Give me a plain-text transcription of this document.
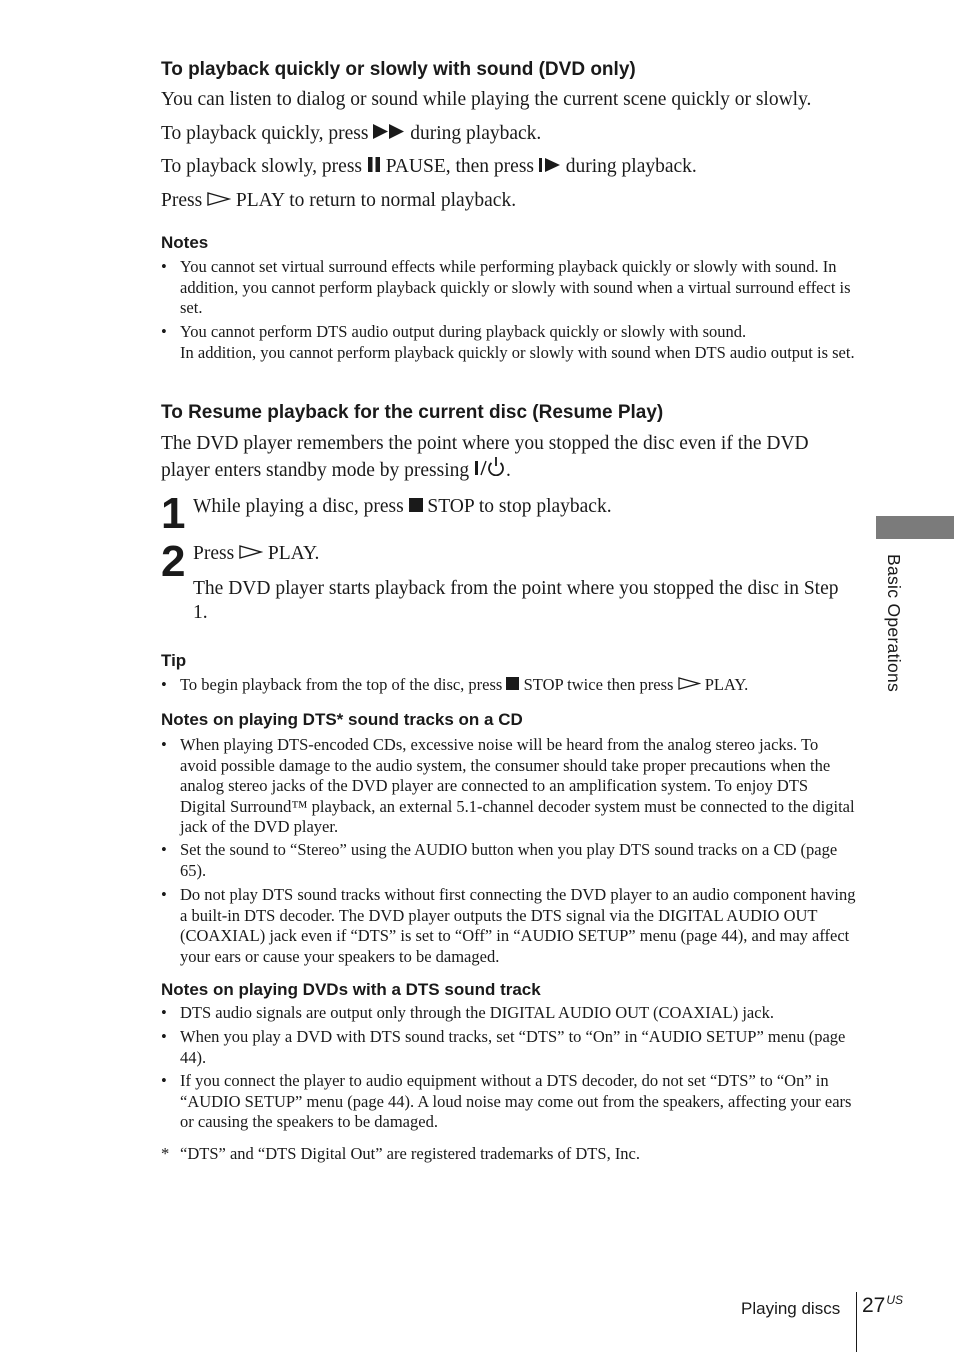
To playback quickly or slowly with sound (DVD only)

You can listen to dialog or sound while playing the current scene quickly or slowly.

To playback quickly, press  during playback.

To playback slowly, press  PAUSE, then press  during playback.

Press  PLAY to return to normal playback.

Notes
• You cannot set virtual surround effects while performing playback quickly or slowly with sound. In addition, you cannot perform playback quickly or slowly with sound when a virtual surround effect is set.
• You cannot perform DTS audio output during playback quickly or slowly with sound.
In addition, you cannot perform playback quickly or slowly with sound when DTS audio output is set.
To Resume playback for the current disc (Resume Play)

The DVD player remembers the point where you stopped the disc even if the DVD player enters standby mode by pressing .

1 While playing a disc, press  STOP to stop playback.
2 Press  PLAY.
The DVD player starts playback from the point where you stopped the disc in Step 1.
Tip
• To begin playback from the top of the disc, press  STOP twice then press  PLAY.
Notes on playing DTS* sound tracks on a CD
• When playing DTS-encoded CDs, excessive noise will be heard from the analog stereo jacks. To avoid possible damage to the audio system, the consumer should take proper precautions when the analog stereo jacks of the DVD player are connected to an amplification system. To enjoy DTS Digital Surround™ playback, an external 5.1-channel decoder system must be connected to the digital jack of the DVD player.
• Set the sound to “Stereo” using the AUDIO button when you play DTS sound tracks on a CD (page 65).
• Do not play DTS sound tracks without first connecting the DVD player to an audio component having a built-in DTS decoder. The DVD player outputs the DTS signal via the DIGITAL AUDIO OUT (COAXIAL) jack even if “DTS” is set to “Off” in “AUDIO SETUP” menu (page 44), and may affect your ears or cause your speakers to be damaged.
Notes on playing DVDs with a DTS sound track
• DTS audio signals are output only through the DIGITAL AUDIO OUT (COAXIAL) jack.
• When you play a DVD with DTS sound tracks, set “DTS” to “On” in “AUDIO SETUP” menu (page 44).
• If you connect the player to audio equipment without a DTS decoder, do not set “DTS” to “On” in “AUDIO SETUP” menu (page 44). A loud noise may come out from the speakers, affecting your ears or causing the speakers to be damaged.
* “DTS” and “DTS Digital Out” are registered trademarks of DTS, Inc.
Basic Operations
Playing discs $27^{US}$
